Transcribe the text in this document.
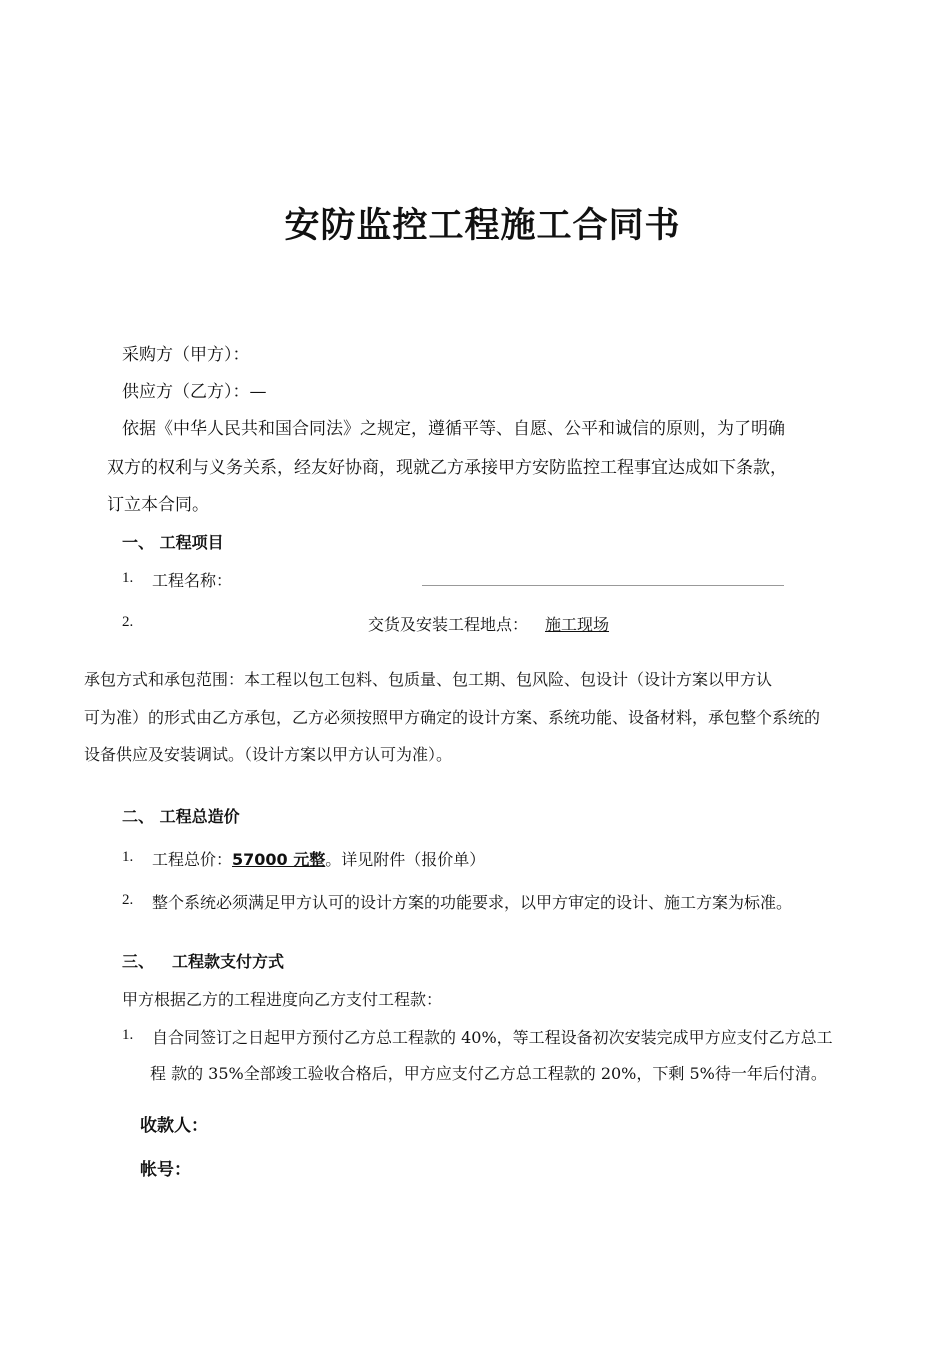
安防监控工程施工合同书
采购方（甲方）：
供应方（乙方）：—
依据《中华人民共和国合同法》之规定，遵循平等、自愿、公平和诚信的原则，为了明确
双方的权利与义务关系，经友好协商，现就乙方承接甲方安防监控工程事宜达成如下条款，
订立本合同。
一、 工程项目
1. 工程名称：
2.	交货及安装工程地点： 施工现场
承包方式和承包范围：本工程以包工包料、包质量、包工期、包风险、包设计（设计方案以甲方认
可为准）的形式由乙方承包，乙方必须按照甲方确定的设计方案、系统功能、设备材料，承包整个系统的
设备供应及安装调试。（设计方案以甲方认可为准）。
二、 工程总造价
1. 工程总价：57000 元整。详见附件（报价单）
2. 整个系统必须满足甲方认可的设计方案的功能要求，以甲方审定的设计、施工方案为标准。
三、 工程款支付方式
甲方根据乙方的工程进度向乙方支付工程款：
1. 自合同签订之日起甲方预付乙方总工程款的 40%，等工程设备初次安装完成甲方应支付乙方总工
程 款的 35%全部竣工验收合格后，甲方应支付乙方总工程款的 20%，下剩 5%待一年后付清。
收款人：
帐号：
